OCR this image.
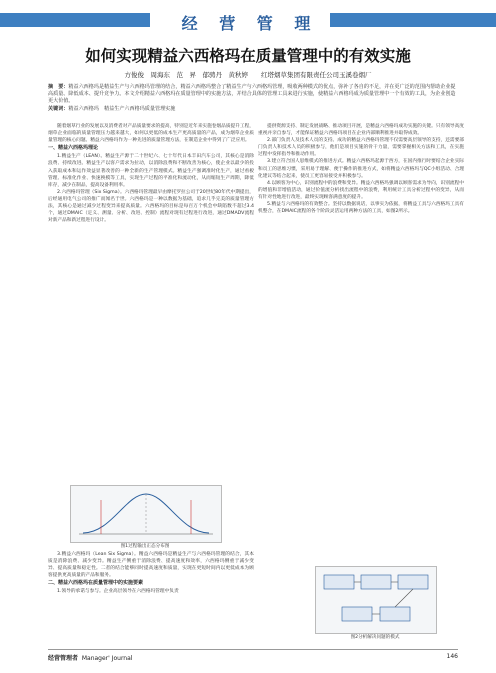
经 营 管 理
如何实现精益六西格玛在质量管理中的有效实施
方俊俊　周海东　范　昇　郁骋丹　黄秋婷　　红塔烟草集团有限责任公司玉溪卷烟厂
摘　要：精益六西格玛是精益生产与六西格玛管理的结合，精益六西格玛整合了精益生产与六西格玛管理，吸收两种模式的优点，弥补了各自的不足，并在更广泛的范围内帮助企业提高质量、降低成本、提升竞争力。本文介绍精益六西格玛在质量管理中的实施方法，并结合具体的管理工具来进行实施，使精益六西格玛成为质量管理中一个有效的工具，为企业创造更大价值。
关键词：精益六西格玛　精益生产六西格玛质量管理实施

随着烟草行业的发展以及消费者对产品质量要求的提高，特别是近年来实施卷烟品质提升工程，烟草企业面临的质量管理压力越来越大，如何以更低的成本生产更高质量的产品，成为烟草企业质量管理的核心问题。精益六西格玛作为一种先进的质量管理方法，在制造企业中得到了广泛应用。

一、精益六西格玛理论

1.精益生产（LEAN）。精益生产源于二十世纪六、七十年代日本丰田汽车公司，其核心是消除浪费、持续改进。精益生产以客户需求为拉动，以消除浪费和不断改善为核心，使企业以最少的投入获取成本和运作效益显著改善的一种全新的生产管理模式。精益生产强调准时化生产，通过看板管理、标准化作业、快速换模等工具，实现生产过程的平准化和流动化，从而缩短生产周期，降低库存，减少在制品，提高设备利用率。

2.六西格玛管理（Six Sigma）。六西格玛管理最早由摩托罗拉公司于20世纪80年代中期提出，后经通用电气公司的推广而闻名于世。六西格玛是一种以数据为基础，追求几乎完美的质量管理方法，其核心是通过减少过程变异来提高质量。六西格玛的目标是每百万个机会中缺陷数不超过3.4个，通过DMAIC（定义、测量、分析、改进、控制）流程对现有过程进行改进，通过DMADV流程对新产品和新过程进行设计。

图1过程输出正态分布图

3.精益六西格玛（Lean Six Sigma）。精益六西格玛是精益生产与六西格玛管理的结合，其本质是消除浪费、减少变异。精益生产侧重于消除浪费、提高速度和效率，六西格玛侧重于减少变异、提高质量和稳定性。二者的结合能够同时提高速度和质量，实现在更短时间内以更低成本为顾客提供更高质量的产品和服务。

二、精益六西格玛在质量管理中的实施要素

1.领导的承诺与参与。企业高层领导在六西格玛管理中负责

提供资源支持、制定发展战略、推动项目开展，是精益六西格玛成功实施的关键。只有领导高度重视并亲自参与，才能保证精益六西格玛项目在企业内部顺利推进并取得成效。

2.部门负责人及技术人员的支持。成功的精益六西格玛管理不仅需要高层领导的支持，还需要部门负责人和技术人员的积极参与，他们是项目实施的骨干力量，需要掌握相关方法和工具，在实施过程中发挥指导和推动作用。

3.建立符合国人思维模式的推进方式。精益六西格玛起源于西方，在国内推行时要结合企业实际和员工的思维习惯，采用易于理解、便于操作的推进方式，如将精益六西格玛与QC小组活动、合理化建议等结合起来，使员工更容易接受并积极参与。

4.以顾客为中心，识别流程中的浪费和变异。精益六西格玛强调以顾客需求为导向，识别流程中的增值和非增值活动，通过价值流分析找出流程中的浪费，利用统计工具分析过程中的变异，从而有针对性地进行改进，最终实现顾客满意度的提升。

5.精益与六西格玛的有效整合。坚持以数据说话，以事实为依据，将精益工具与六西格玛工具有机整合，在DMAIC流程的各个阶段灵活运用两种方法的工具，如图2所示。

图2分析解决问题的模式
经营管理者 Manager' Journal	146
